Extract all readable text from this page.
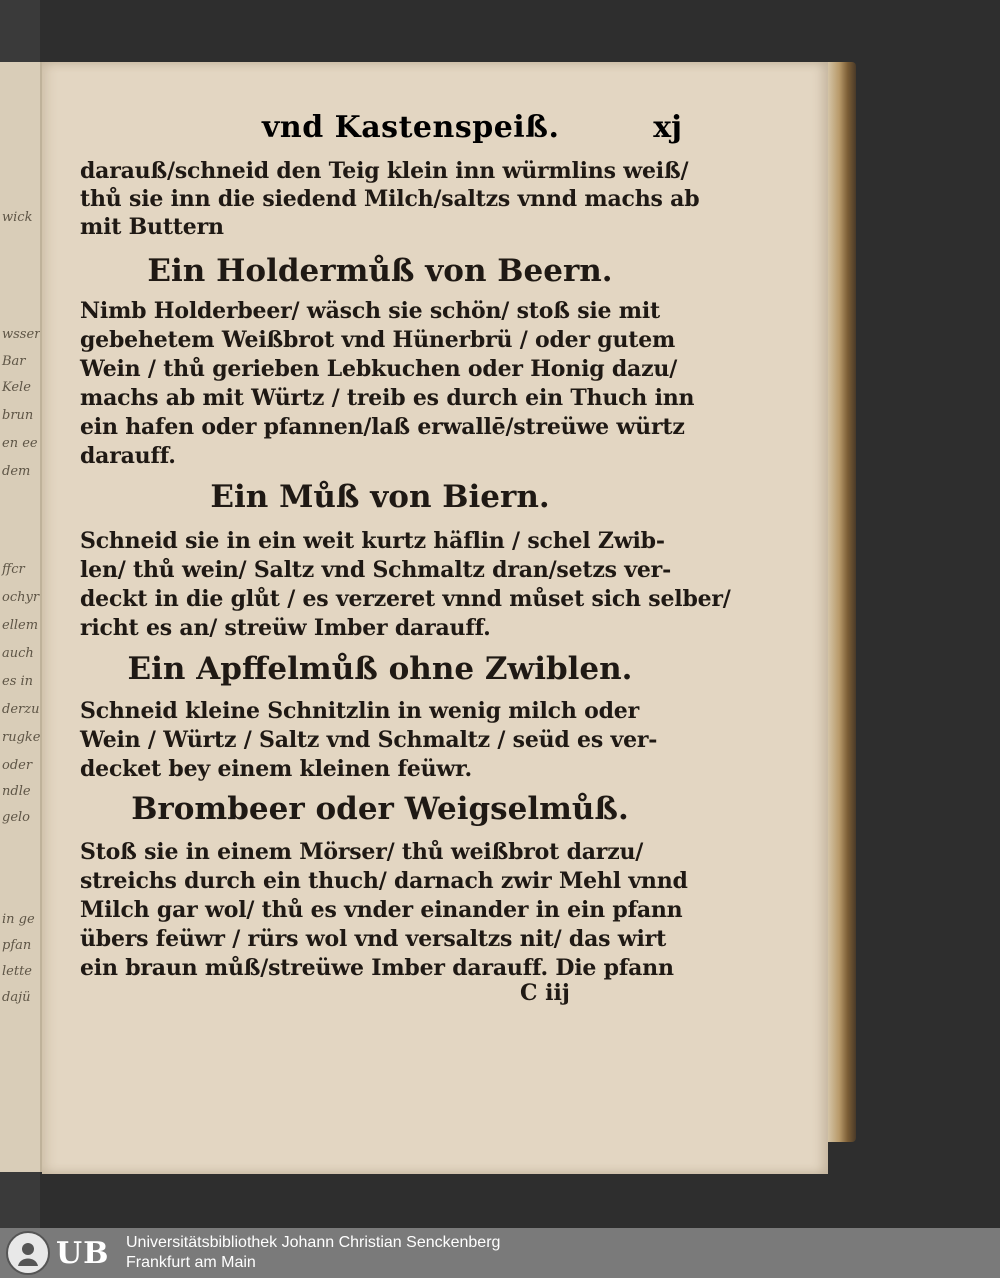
wick
wsser
Bar
Kele
brun
en ee
dem
ffcr
ochyr
ellem
auch
es in
derzu
rugke
oder
ndle
gelo
in ge
pfan
lette
dajü
vnd Kastenspeiß.	xj
darauß/schneid den Teig klein inn würmlins weiß/
thů sie inn die siedend Milch/saltzs vnnd machs ab
mit Buttern
Ein Holdermůß von Beern.
Nimb Holderbeer/ wäsch sie schön/ stoß sie mit
gebehetem Weißbrot vnd Hünerbrü / oder gutem
Wein / thů gerieben Lebkuchen oder Honig dazu/
machs ab mit Würtz / treib es durch ein Thuch inn
ein hafen oder pfannen/laß erwallē/streüwe würtz
darauff.
Ein Můß von Biern.
Schneid sie in ein weit kurtz häflin / schel Zwib-
len/ thů wein/ Saltz vnd Schmaltz dran/setzs ver-
deckt in die glůt / es verzeret vnnd můset sich selber/
richt es an/ streüw Imber darauff.
Ein Apffelmůß ohne Zwiblen.
Schneid kleine Schnitzlin in wenig milch oder
Wein / Würtz / Saltz vnd Schmaltz / seüd es ver-
decket bey einem kleinen feüwr.
Brombeer oder Weigselmůß.
Stoß sie in einem Mörser/ thů weißbrot darzu/
streichs durch ein thuch/ darnach zwir Mehl vnnd
Milch gar wol/ thů es vnder einander in ein pfann
übers feüwr / rürs wol vnd versaltzs nit/ das wirt
ein braun můß/streüwe Imber darauff. Die pfann
C iij
UB Universitätsbibliothek Johann Christian Senckenberg
Frankfurt am Main
